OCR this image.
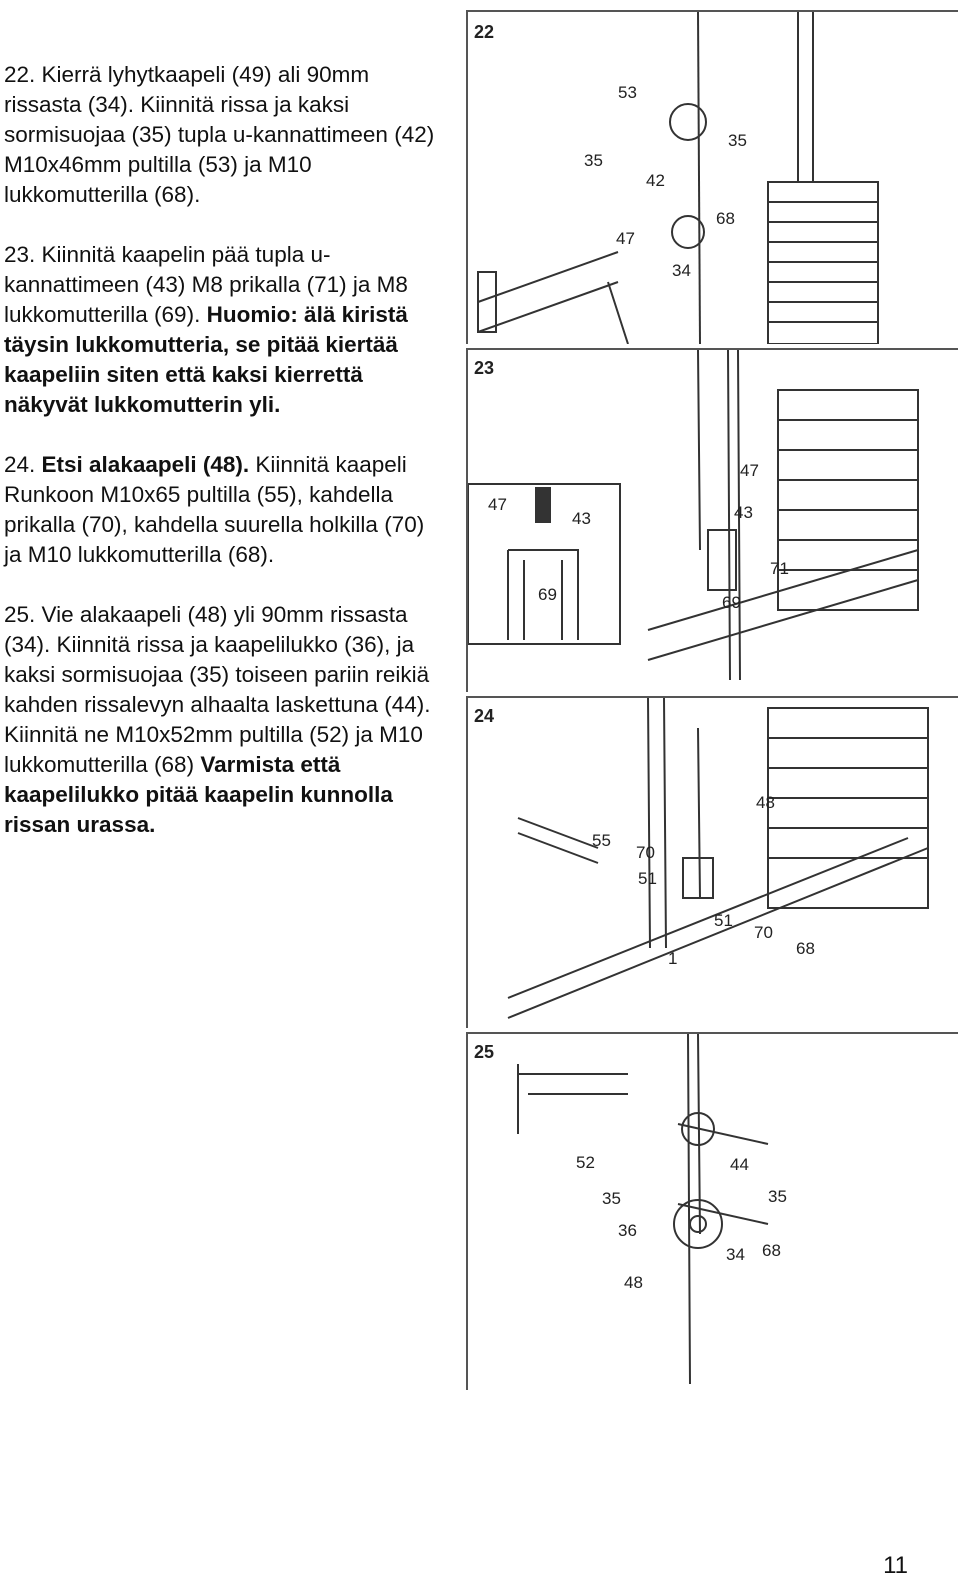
22. Kierrä lyhytkaapeli (49) ali 90mm rissasta (34). Kiinnitä rissa ja kaksi sormisuojaa (35) tupla u-kannattimeen (42) M10x46mm pultilla (53) ja M10 lukkomutterilla (68).

23. Kiinnitä kaapelin pää tupla u-kannattimeen (43) M8 prikalla (71) ja M8 lukkomutterilla (69). Huomio: älä kiristä täysin lukkomutteria, se pitää kiertää kaapeliin siten että kaksi kierrettä näkyvät lukkomutterin yli.

24. Etsi alakaapeli (48). Kiinnitä kaapeli Runkoon M10x65 pultilla (55), kahdella prikalla (70), kahdella suurella holkilla (70) ja M10 lukkomutterilla (68).

25. Vie alakaapeli (48) yli 90mm rissasta (34). Kiinnitä rissa ja kaapelilukko (36), ja kaksi sormisuojaa (35) toiseen pariin reikiä kahden rissalevyn alhaalta laskettuna (44). Kiinnitä ne M10x52mm pultilla (52) ja M10 lukkomutterilla (68) Varmista että kaapelilukko pitää kaapelin kunnolla rissan urassa.

22
53
35
42
35
68
47
34
23
47
43
69
47
43
71
69
24
48
55
70
51
51
70
68
1
25
52	44
35	35
36
34 68
48
11
